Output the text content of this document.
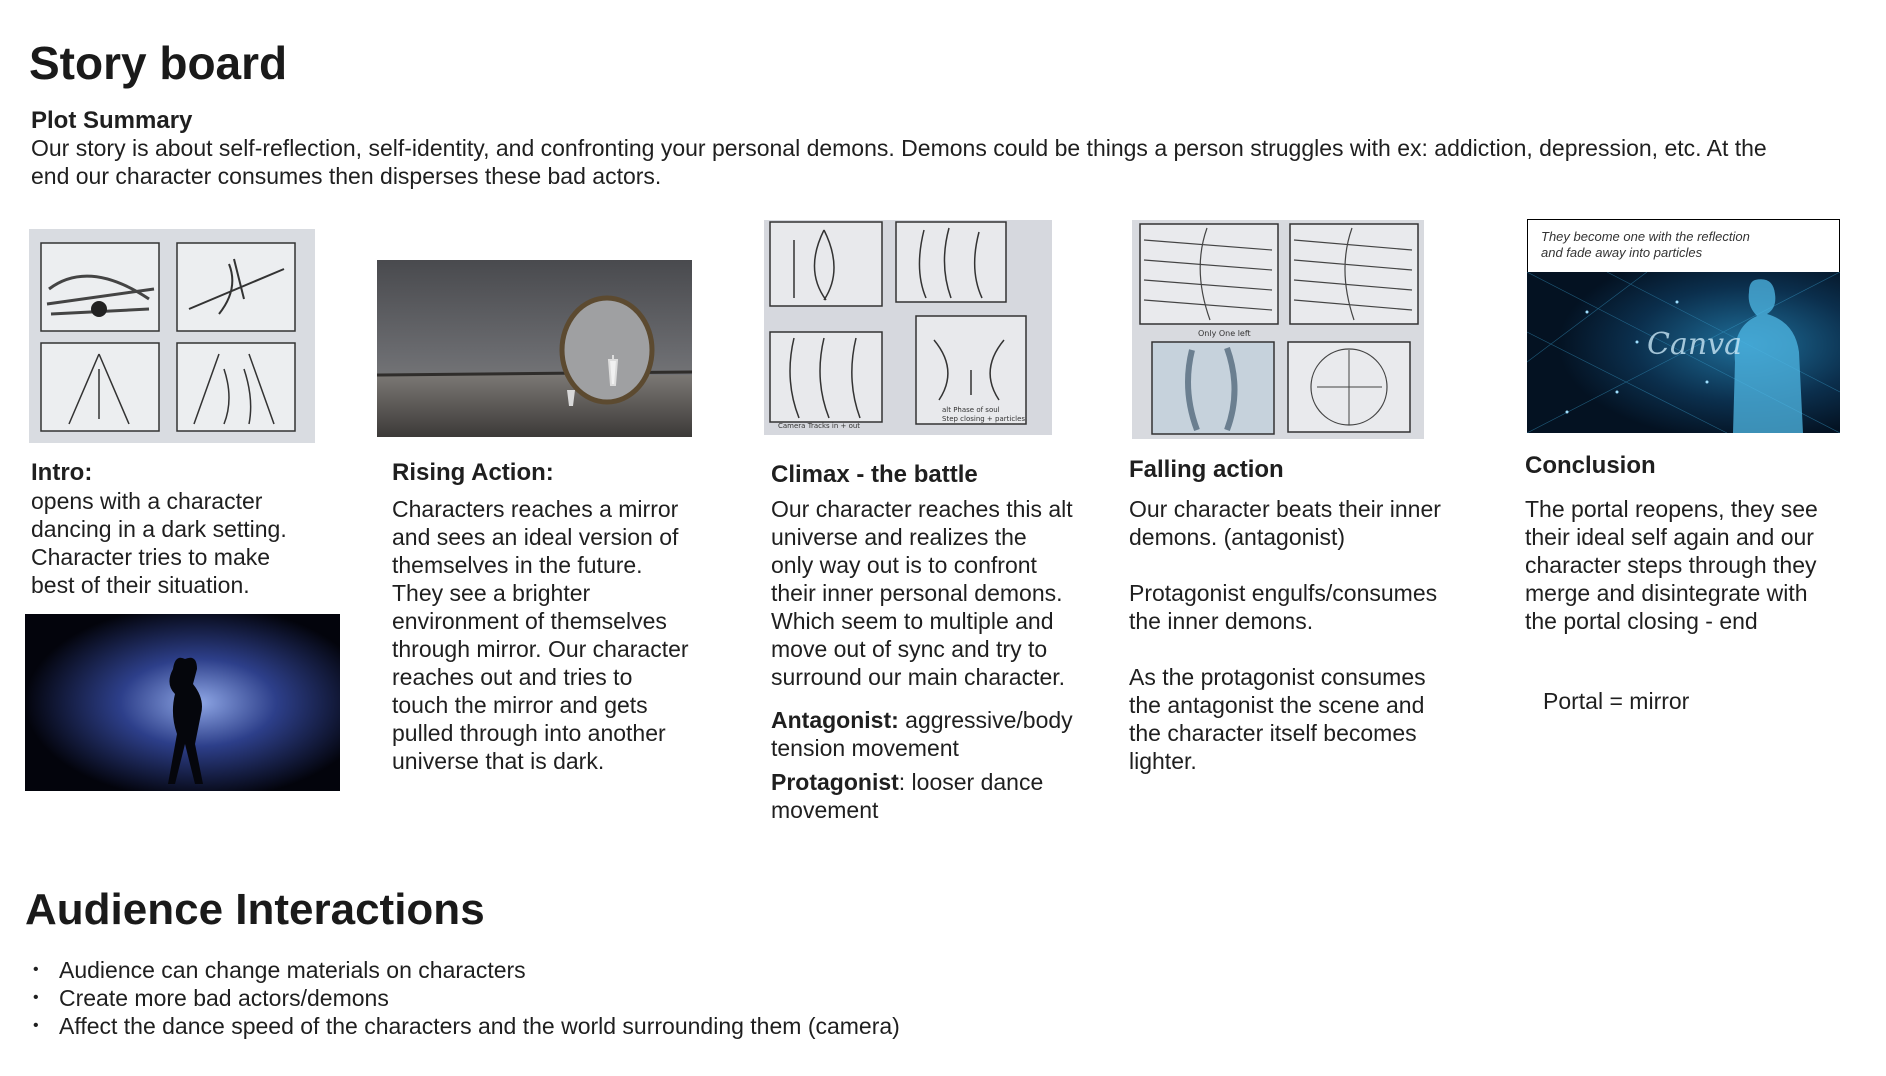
Story board
Plot Summary
Our story is about self-reflection, self-identity, and confronting your personal demons. Demons could be things a person struggles with ex: addiction, depression, etc. At the end our character consumes then disperses these bad actors.
Intro:
opens with a character
dancing in a dark setting.
Character tries to make
best of their situation.
Rising Action:
Characters reaches a mirror
and sees an ideal version of
themselves in the future.
They see a brighter
environment of themselves
through mirror. Our character
reaches out and tries to
touch the mirror and gets
pulled through into another
universe that is dark.
Camera Tracks in + out
alt Phase of soul
Step closing + particles
Climax - the battle
Our character reaches this alt
universe and realizes the
only way out is to confront
their inner personal demons.
Which seem to multiple and
move out of sync and try to
surround our main character.
Antagonist: aggressive/body tension movement
Protagonist: looser dance movement
Only One left
Falling action
Our character beats their inner
demons. (antagonist)

Protagonist engulfs/consumes
the inner demons.

As the protagonist consumes
the antagonist the scene and
the character itself becomes
lighter.
They become one with the reflection
and fade away into particles
Canva
Conclusion
The portal reopens, they see
their ideal self again and our
character steps through they
merge and disintegrate with
the portal closing - end
Portal = mirror
Audience Interactions
• Audience can change materials on characters
• Create more bad actors/demons
• Affect the dance speed of the characters and the world surrounding them (camera)
